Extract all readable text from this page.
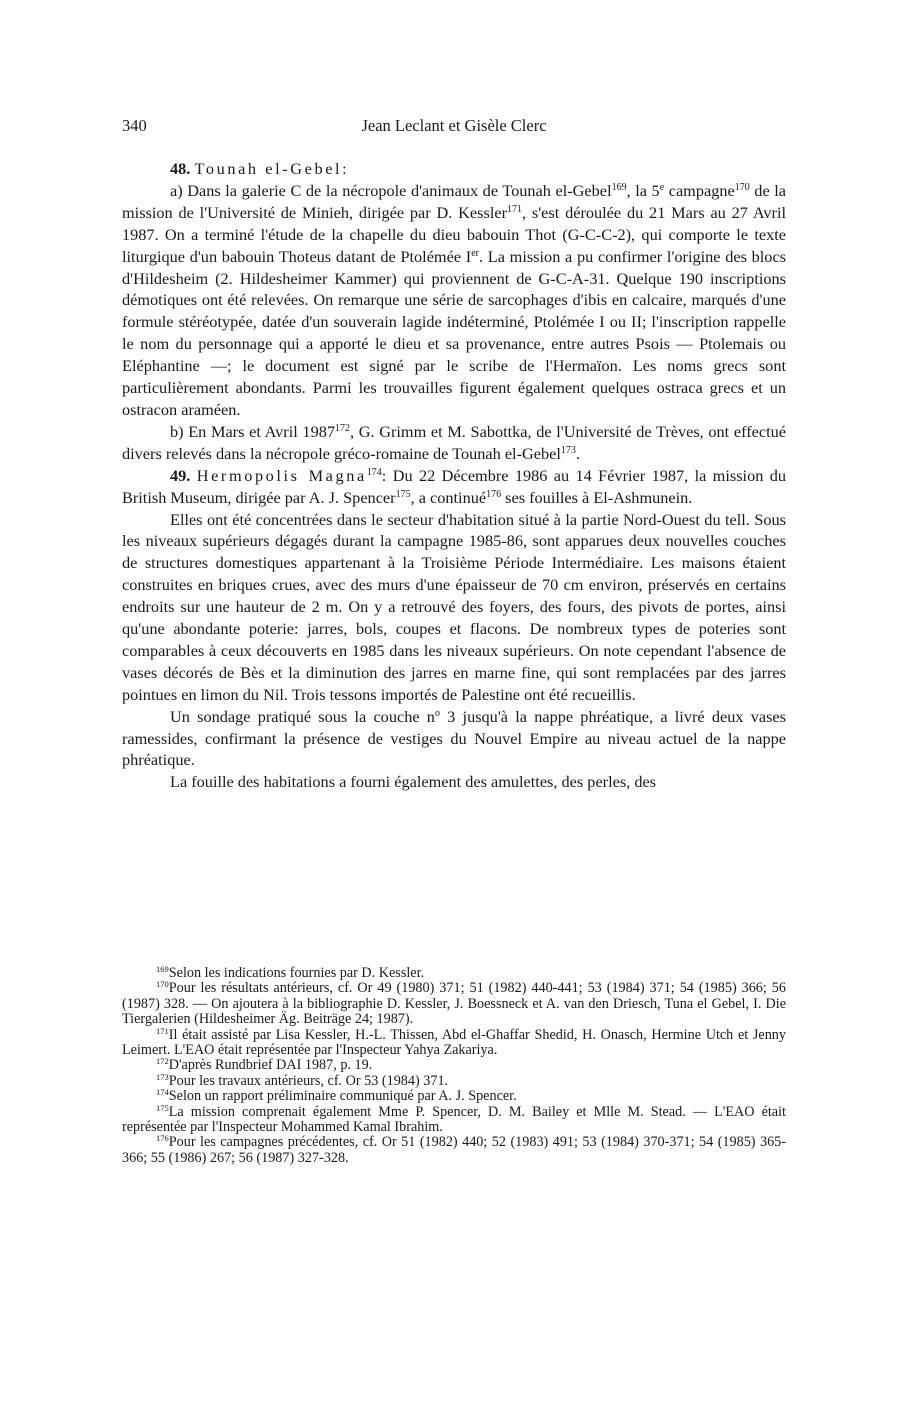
340	Jean Leclant et Gisèle Clerc

48. Tounah el-Gebel:

a) Dans la galerie C de la nécropole d'animaux de Tounah el-Gebel$^{169}$, la 5e campagne$^{170}$ de la mission de l'Université de Minieh, dirigée par D. Kessler$^{171}$, s'est déroulée du 21 Mars au 27 Avril 1987. On a terminé l'étude de la chapelle du dieu babouin Thot (G-C-C-2), qui comporte le texte liturgique d'un babouin Thoteus datant de Ptolémée Ier. La mission a pu confirmer l'origine des blocs d'Hildesheim (2. Hildesheimer Kammer) qui proviennent de G-C-A-31. Quelque 190 inscriptions démotiques ont été relevées. On remarque une série de sarcophages d'ibis en calcaire, marqués d'une formule stéréotypée, datée d'un souverain lagide indéterminé, Ptolémée I ou II; l'inscription rappelle le nom du personnage qui a apporté le dieu et sa provenance, entre autres Psois — Ptolemais ou Eléphantine —; le document est signé par le scribe de l'Hermaïon. Les noms grecs sont particulièrement abondants. Parmi les trouvailles figurent également quelques ostraca grecs et un ostracon araméen.

b) En Mars et Avril 1987$^{172}$, G. Grimm et M. Sabottka, de l'Université de Trèves, ont effectué divers relevés dans la nécropole gréco-romaine de Tounah el-Gebel$^{173}$.

49. Hermopolis Magna$^{174}$: Du 22 Décembre 1986 au 14 Février 1987, la mission du British Museum, dirigée par A. J. Spencer$^{175}$, a continué$^{176}$ ses fouilles à El-Ashmunein.

Elles ont été concentrées dans le secteur d'habitation situé à la partie Nord-Ouest du tell. Sous les niveaux supérieurs dégagés durant la campagne 1985-86, sont apparues deux nouvelles couches de structures domestiques appartenant à la Troisième Période Intermédiaire. Les maisons étaient construites en briques crues, avec des murs d'une épaisseur de 70 cm environ, préservés en certains endroits sur une hauteur de 2 m. On y a retrouvé des foyers, des fours, des pivots de portes, ainsi qu'une abondante poterie: jarres, bols, coupes et flacons. De nombreux types de poteries sont comparables à ceux découverts en 1985 dans les niveaux supérieurs. On note cependant l'absence de vases décorés de Bès et la diminution des jarres en marne fine, qui sont remplacées par des jarres pointues en limon du Nil. Trois tessons importés de Palestine ont été recueillis.

Un sondage pratiqué sous la couche $n^o$ 3 jusqu'à la nappe phréatique, a livré deux vases ramessides, confirmant la présence de vestiges du Nouvel Empire au niveau actuel de la nappe phréatique.

La fouille des habitations a fourni également des amulettes, des perles, des

$^{169}$Selon les indications fournies par D. Kessler.

$^{170}$Pour les résultats antérieurs, cf. Or 49 (1980) 371; 51 (1982) 440-441; 53 (1984) 371; 54 (1985) 366; 56 (1987) 328. — On ajoutera à la bibliographie D. Kessler, J. Boessneck et A. van den Driesch, Tuna el Gebel, I. Die Tiergalerien (Hildesheimer Äg. Beiträge 24; 1987).

$^{171}$Il était assisté par Lisa Kessler, H.-L. Thissen, Abd el-Ghaffar Shedid, H. Onasch, Hermine Utch et Jenny Leimert. L'EAO était représentée par l'Inspecteur Yahya Zakariya.

$^{172}$D'après Rundbrief DAI 1987, p. 19.

$^{173}$Pour les travaux antérieurs, cf. Or 53 (1984) 371.

$^{174}$Selon un rapport préliminaire communiqué par A. J. Spencer.

$^{175}$La mission comprenait également Mme P. Spencer, D. M. Bailey et Mlle M. Stead. — L'EAO était représentée par l'Inspecteur Mohammed Kamal Ibrahim.

$^{176}$Pour les campagnes précédentes, cf. Or 51 (1982) 440; 52 (1983) 491; 53 (1984) 370-371; 54 (1985) 365-366; 55 (1986) 267; 56 (1987) 327-328.
